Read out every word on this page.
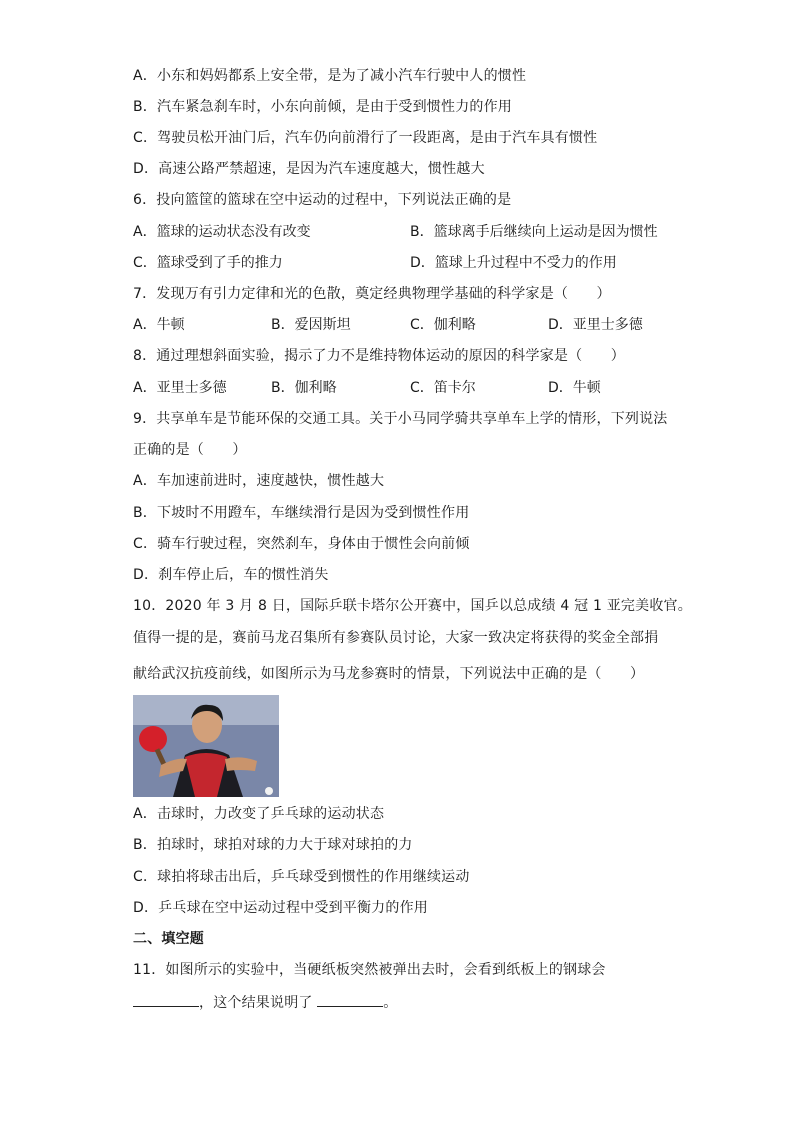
A．小东和妈妈都系上安全带，是为了减小汽车行驶中人的惯性
B．汽车紧急刹车时，小东向前倾，是由于受到惯性力的作用
C．驾驶员松开油门后，汽车仍向前滑行了一段距离，是由于汽车具有惯性
D．高速公路严禁超速，是因为汽车速度越大，惯性越大
6．投向篮筐的篮球在空中运动的过程中，下列说法正确的是
A．篮球的运动状态没有改变	B．篮球离手后继续向上运动是因为惯性
C．篮球受到了手的推力	D．篮球上升过程中不受力的作用
7．发现万有引力定律和光的色散，奠定经典物理学基础的科学家是（　　）
A．牛顿	B．爱因斯坦	C．伽利略	D．亚里士多德
8．通过理想斜面实验，揭示了力不是维持物体运动的原因的科学家是（　　）
A．亚里士多德	B．伽利略	C．笛卡尔	D．牛顿
9．共享单车是节能环保的交通工具。关于小马同学骑共享单车上学的情形，下列说法
正确的是（　　）
A．车加速前进时，速度越快，惯性越大
B．下坡时不用蹬车，车继续滑行是因为受到惯性作用
C．骑车行驶过程，突然刹车，身体由于惯性会向前倾
D．刹车停止后，车的惯性消失
10．2020 年 3 月 8 日，国际乒联卡塔尔公开赛中，国乒以总成绩 4 冠 1 亚完美收官。
值得一提的是，赛前马龙召集所有参赛队员讨论，大家一致决定将获得的奖金全部捐
献给武汉抗疫前线，如图所示为马龙参赛时的情景，下列说法中正确的是（　　）
A．击球时，力改变了乒乓球的运动状态
B．拍球时，球拍对球的力大于球对球拍的力
C．球拍将球击出后，乒乓球受到惯性的作用继续运动
D．乒乓球在空中运动过程中受到平衡力的作用
二、填空题
11．如图所示的实验中，当硬纸板突然被弹出去时，会看到纸板上的钢球会
，这个结果说明了	。
